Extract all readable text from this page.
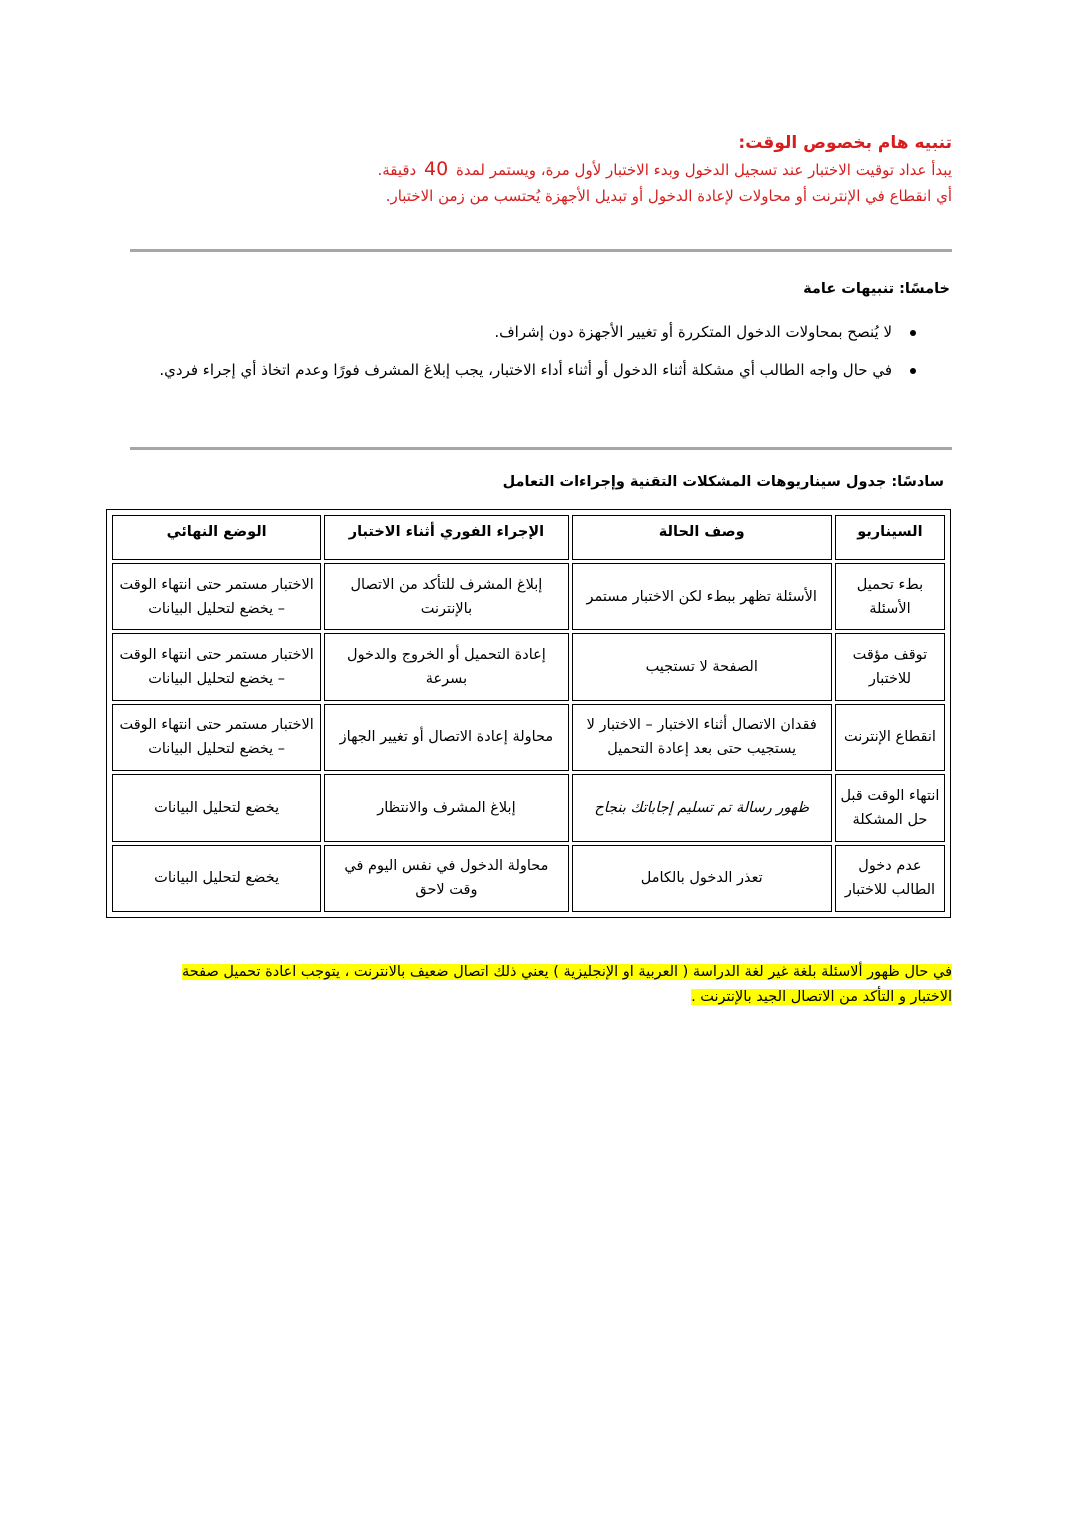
تنبيه هام بخصوص الوقت:

يبدأ عداد توقيت الاختبار عند تسجيل الدخول وبدء الاختبار لأول مرة، ويستمر لمدة 40 دقيقة.

أي انقطاع في الإنترنت أو محاولات لإعادة الدخول أو تبديل الأجهزة يُحتسب من زمن الاختبار.

خامسًا: تنبيهات عامة
لا يُنصح بمحاولات الدخول المتكررة أو تغيير الأجهزة دون إشراف.
في حال واجه الطالب أي مشكلة أثناء الدخول أو أثناء أداء الاختبار، يجب إبلاغ المشرف فورًا وعدم اتخاذ أي إجراء فردي.
سادسًا: جدول سيناريوهات المشكلات التقنية وإجراءات التعامل
السيناريو	وصف الحالة	الإجراء الفوري أثناء الاختبار	الوضع النهائي
بطء تحميل الأسئلة	الأسئلة تظهر ببطء لكن الاختبار مستمر	إبلاغ المشرف للتأكد من الاتصال بالإنترنت	الاختبار مستمر حتى انتهاء الوقت – يخضع لتحليل البيانات
توقف مؤقت للاختبار	الصفحة لا تستجيب	إعادة التحميل أو الخروج والدخول بسرعة	الاختبار مستمر حتى انتهاء الوقت – يخضع لتحليل البيانات
انقطاع الإنترنت	فقدان الاتصال أثناء الاختبار – الاختبار لا يستجيب حتى بعد إعادة التحميل	محاولة إعادة الاتصال أو تغيير الجهاز	الاختبار مستمر حتى انتهاء الوقت – يخضع لتحليل البيانات
انتهاء الوقت قبل حل المشكلة	ظهور رسالة تم تسليم إجاباتك بنجاح	إبلاغ المشرف والانتظار	يخضع لتحليل البيانات
عدم دخول الطالب للاختبار	تعذر الدخول بالكامل	محاولة الدخول في نفس اليوم في وقت لاحق	يخضع لتحليل البيانات

في حال ظهور ألاسئلة بلغة غير لغة الدراسة ( العربية او الإنجليزية ) يعني ذلك اتصال ضعيف بالانترنت ، يتوجب اعادة تحميل صفحة الاختبار و التأكد من الاتصال الجيد بالإنترنت .
